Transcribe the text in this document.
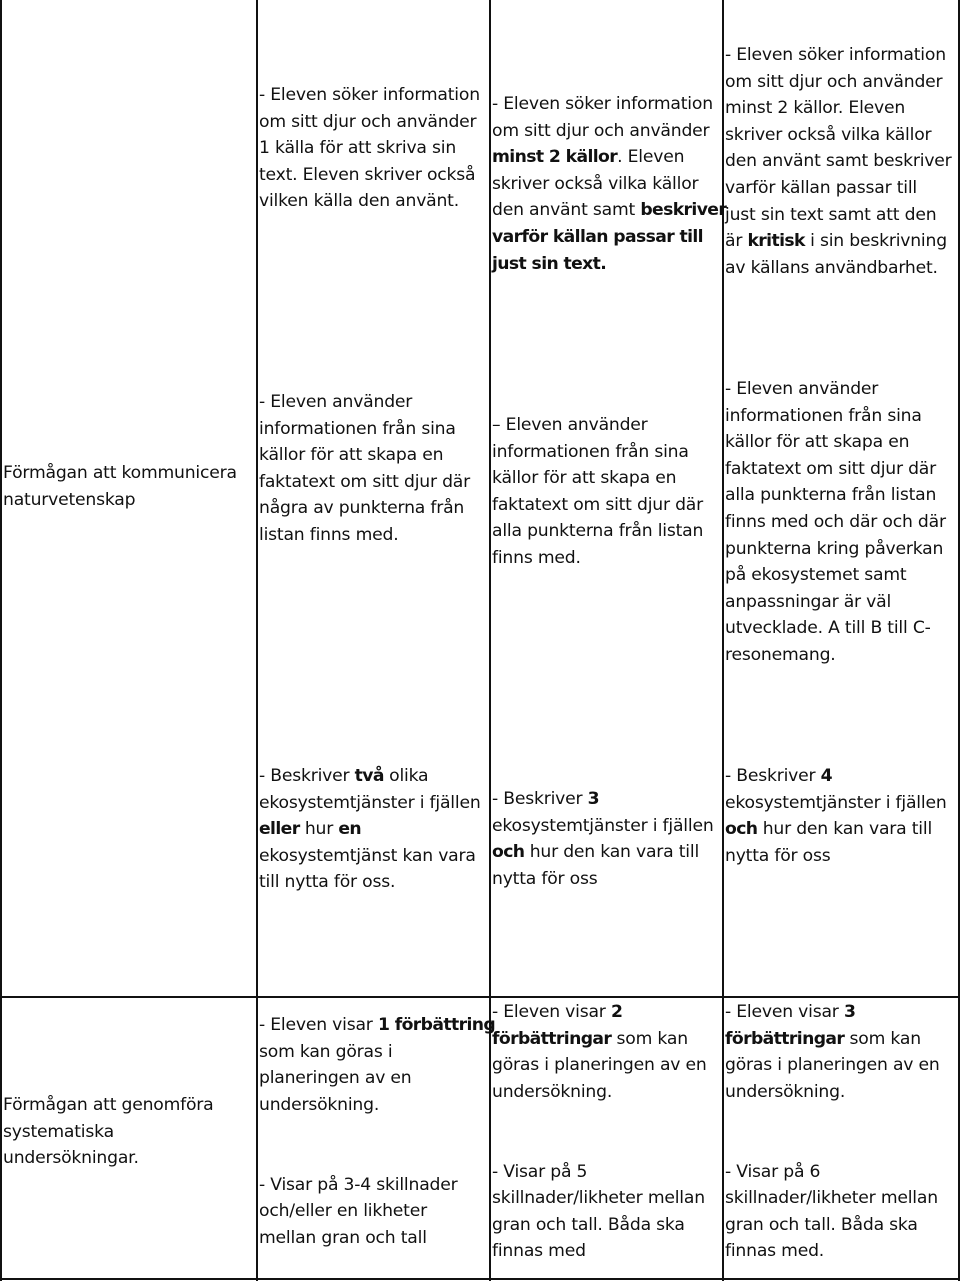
- Eleven söker information
om sitt djur och använder
1 källa för att skriva sin
text. Eleven skriver också
vilken källa den använt.
- Eleven söker information
om sitt djur och använder
minst 2 källor. Eleven
skriver också vilka källor
den använt samt beskriver
varför källan passar till
just sin text.
- Eleven söker information
om sitt djur och använder
minst 2 källor. Eleven
skriver också vilka källor
den använt samt beskriver
varför källan passar till
just sin text samt att den
är kritisk i sin beskrivning
av källans användbarhet.
Förmågan att kommunicera
naturvetenskap
- Eleven använder
informationen från sina
källor för att skapa en
faktatext om sitt djur där
några av punkterna från
listan finns med.
– Eleven använder
informationen från sina
källor för att skapa en
faktatext om sitt djur där
alla punkterna från listan
finns med.
- Eleven använder
informationen från sina
källor för att skapa en
faktatext om sitt djur där
alla punkterna från listan
finns med och där och där
punkterna kring påverkan
på ekosystemet samt
anpassningar är väl
utvecklade. A till B till C-
resonemang.
- Beskriver två olika
ekosystemtjänster i fjällen
eller hur en
ekosystemtjänst kan vara
till nytta för oss.
- Beskriver 3
ekosystemtjänster i fjällen
och hur den kan vara till
nytta för oss
- Beskriver 4
ekosystemtjänster i fjällen
och hur den kan vara till
nytta för oss
Förmågan att genomföra
systematiska
undersökningar.
- Eleven visar 1 förbättring
som kan göras i
planeringen av en
undersökning.
- Visar på 3-4 skillnader
och/eller en likheter
mellan gran och tall
- Eleven visar 2
förbättringar som kan
göras i planeringen av en
undersökning.
- Visar på 5
skillnader/likheter mellan
gran och tall. Båda ska
finnas med
- Eleven visar 3
förbättringar som kan
göras i planeringen av en
undersökning.
- Visar på 6
skillnader/likheter mellan
gran och tall. Båda ska
finnas med.
